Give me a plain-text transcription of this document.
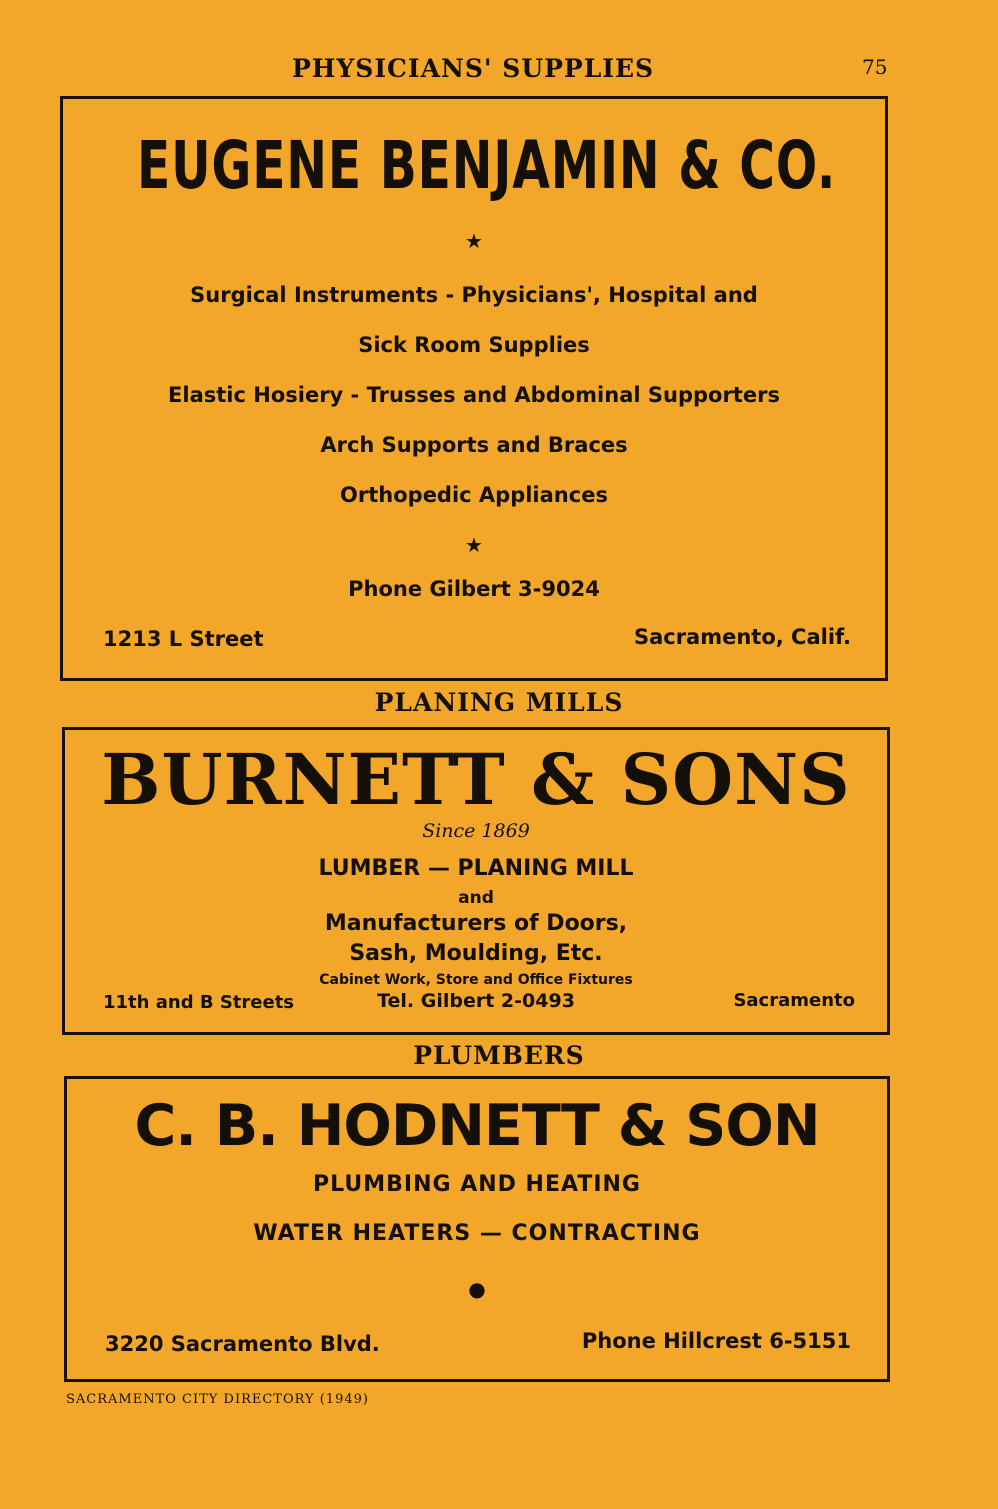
PHYSICIANS' SUPPLIES	75
EUGENE BENJAMIN & CO.
★
Surgical Instruments - Physicians', Hospital and
Sick Room Supplies
Elastic Hosiery - Trusses and Abdominal Supporters
Arch Supports and Braces
Orthopedic Appliances
★
Phone Gilbert 3-9024
1213 L Street	Sacramento, Calif.
PLANING MILLS
BURNETT & SONS
Since 1869
LUMBER — PLANING MILL
and
Manufacturers of Doors,
Sash, Moulding, Etc.
Cabinet Work, Store and Office Fixtures
11th and B Streets	Tel. Gilbert 2-0493	Sacramento
PLUMBERS
C. B. HODNETT & SON
PLUMBING AND HEATING
WATER HEATERS — CONTRACTING
●
3220 Sacramento Blvd.	Phone Hillcrest 6-5151
SACRAMENTO CITY DIRECTORY (1949)
